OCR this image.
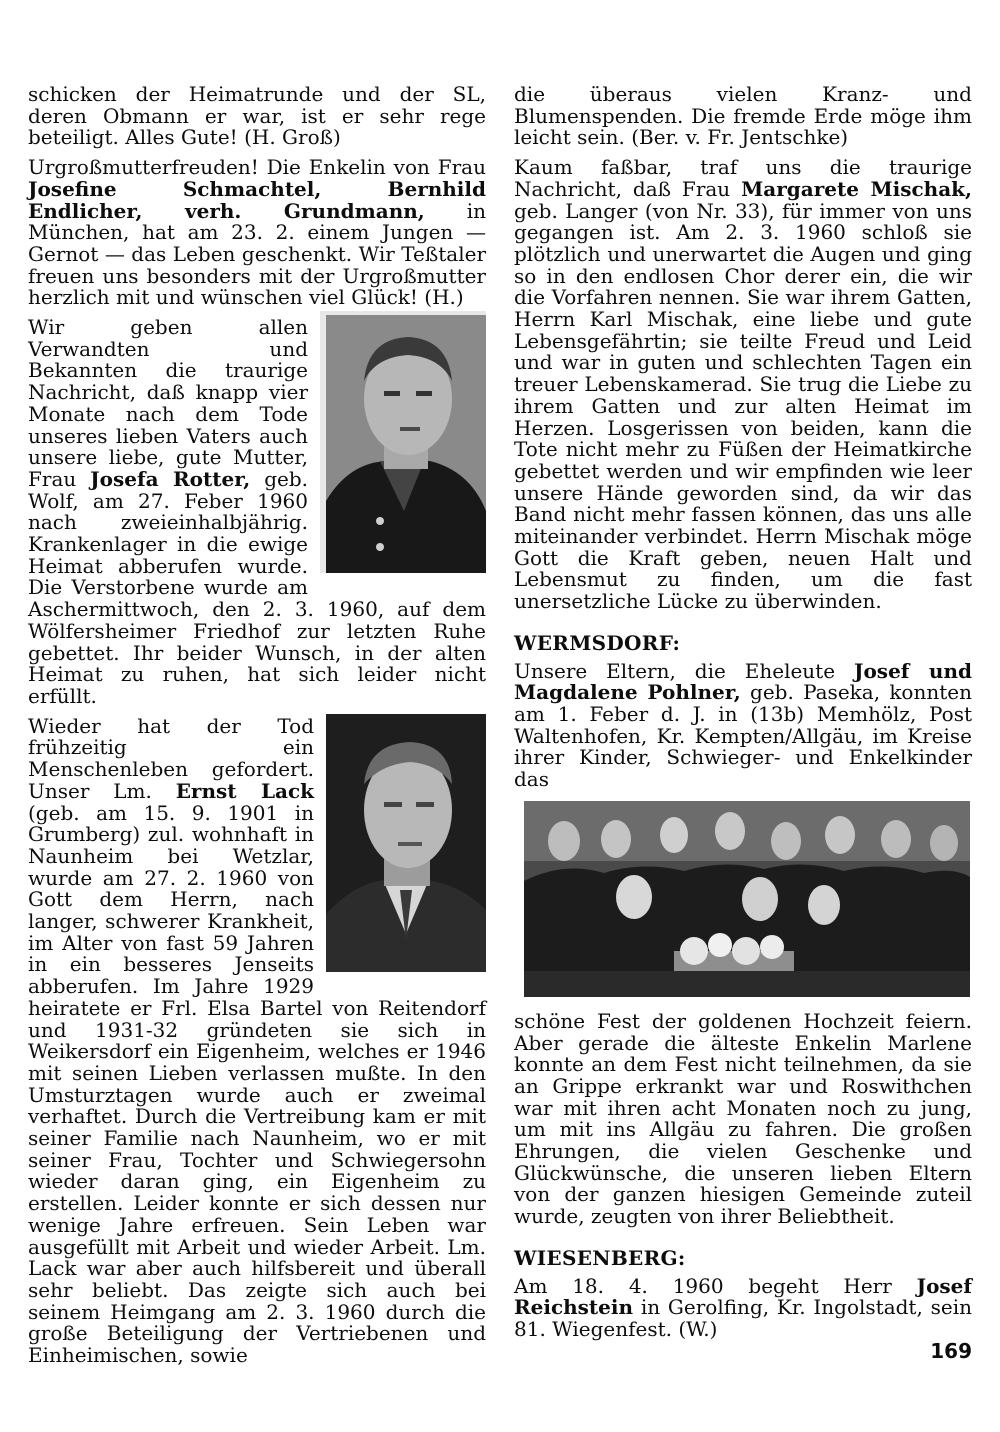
schicken der Heimatrunde und der SL, deren Obmann er war, ist er sehr rege beteiligt. Alles Gute! (H. Groß)

Urgroßmutterfreuden! Die Enkelin von Frau Josefine Schmachtel, Bernhild Endlicher, verh. Grundmann, in München, hat am 23. 2. einem Jungen — Gernot — das Leben geschenkt. Wir Teßtaler freuen uns besonders mit der Urgroßmutter herzlich mit und wünschen viel Glück! (H.)

Wir geben allen Verwandten und Bekannten die traurige Nachricht, daß knapp vier Monate nach dem Tode unseres lieben Vaters auch unsere liebe, gute Mutter, Frau Josefa Rotter, geb. Wolf, am 27. Feber 1960 nach zweieinhalbjährig. Krankenlager in die ewige Heimat abberufen wurde. Die Verstorbene wurde am Aschermittwoch, den 2. 3. 1960, auf dem Wölfersheimer Friedhof zur letzten Ruhe gebettet. Ihr beider Wunsch, in der alten Heimat zu ruhen, hat sich leider nicht erfüllt.

Wieder hat der Tod frühzeitig ein Menschenleben gefordert. Unser Lm. Ernst Lack (geb. am 15. 9. 1901 in Grumberg) zul. wohnhaft in Naunheim bei Wetzlar, wurde am 27. 2. 1960 von Gott dem Herrn, nach langer, schwerer Krankheit, im Alter von fast 59 Jahren in ein besseres Jenseits abberufen. Im Jahre 1929 heiratete er Frl. Elsa Bartel von Reitendorf und 1931-32 gründeten sie sich in Weikersdorf ein Eigenheim, welches er 1946 mit seinen Lieben verlassen mußte. In den Umsturztagen wurde auch er zweimal verhaftet. Durch die Vertreibung kam er mit seiner Familie nach Naunheim, wo er mit seiner Frau, Tochter und Schwiegersohn wieder daran ging, ein Eigenheim zu erstellen. Leider konnte er sich dessen nur wenige Jahre erfreuen. Sein Leben war ausgefüllt mit Arbeit und wieder Arbeit. Lm. Lack war aber auch hilfsbereit und überall sehr beliebt. Das zeigte sich auch bei seinem Heimgang am 2. 3. 1960 durch die große Beteiligung der Vertriebenen und Einheimischen, sowie

die überaus vielen Kranz- und Blumenspenden. Die fremde Erde möge ihm leicht sein. (Ber. v. Fr. Jentschke)

Kaum faßbar, traf uns die traurige Nachricht, daß Frau Margarete Mischak, geb. Langer (von Nr. 33), für immer von uns gegangen ist. Am 2. 3. 1960 schloß sie plötzlich und unerwartet die Augen und ging so in den endlosen Chor derer ein, die wir die Vorfahren nennen. Sie war ihrem Gatten, Herrn Karl Mischak, eine liebe und gute Lebensgefährtin; sie teilte Freud und Leid und war in guten und schlechten Tagen ein treuer Lebenskamerad. Sie trug die Liebe zu ihrem Gatten und zur alten Heimat im Herzen. Losgerissen von beiden, kann die Tote nicht mehr zu Füßen der Heimatkirche gebettet werden und wir empfinden wie leer unsere Hände geworden sind, da wir das Band nicht mehr fassen können, das uns alle miteinander verbindet. Herrn Mischak möge Gott die Kraft geben, neuen Halt und Lebensmut zu finden, um die fast unersetzliche Lücke zu überwinden.

WERMSDORF:

Unsere Eltern, die Eheleute Josef und Magdalene Pohlner, geb. Paseka, konnten am 1. Feber d. J. in (13b) Memhölz, Post Waltenhofen, Kr. Kempten/Allgäu, im Kreise ihrer Kinder, Schwieger- und Enkelkinder das

schöne Fest der goldenen Hochzeit feiern. Aber gerade die älteste Enkelin Marlene konnte an dem Fest nicht teilnehmen, da sie an Grippe erkrankt war und Roswithchen war mit ihren acht Monaten noch zu jung, um mit ins Allgäu zu fahren. Die großen Ehrungen, die vielen Geschenke und Glückwünsche, die unseren lieben Eltern von der ganzen hiesigen Gemeinde zuteil wurde, zeugten von ihrer Beliebtheit.

WIESENBERG:

Am 18. 4. 1960 begeht Herr Josef Reichstein in Gerolfing, Kr. Ingolstadt, sein 81. Wiegenfest. (W.)

169
